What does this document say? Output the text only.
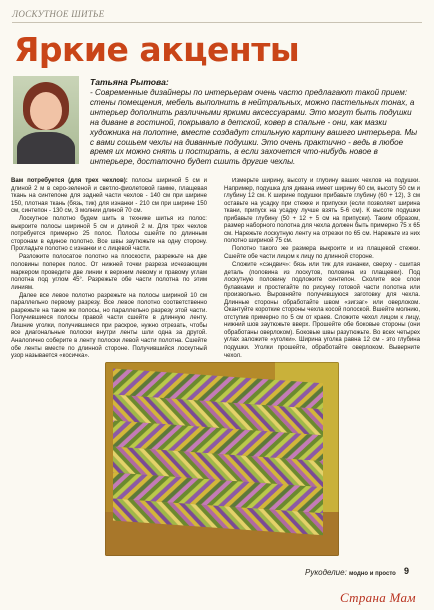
ЛОСКУТНОЕ ШИТЬЕ
Яркие акценты
Татьяна Рытова:
- Современные дизайнеры по интерьерам очень часто предлагают такой прием: стены помещения, мебель выполнить в нейтральных, можно пастельных тонах, а интерьер дополнить различными яркими аксессуарами. Это могут быть подушки на диване в гостиной, покрывало в детской, ковер в спальне - они, как мазки художника на полотне, вместе создадут стильную картину вашего интерьера. Мы с вами сошьем чехлы на диванные подушки. Это очень практично - ведь в любое время их можно снять и постирать, а если захочется что-нибудь новое в интерьере, достаточно будет сшить другие чехлы.

Вам потребуется (для трех чехлов): полосы шириной 5 см и длиной 2 м в серо-зеленой и светло-фиолетовой гамме, плащевая ткань на синтепоне для задней части чехлов - 140 см при ширине 150, плотная ткань (бязь, тик) для изнанки - 210 см при ширине 150 см, синтепон - 130 см, 3 молнии длиной 70 см.

Лоскутное полотно будем шить в технике шитья из полос: выкроите полосы шириной 5 см и длиной 2 м. Для трех чехлов потребуется примерно 25 полос. Полосы сшейте по длинным сторонам в единое полотно. Все швы заутюжьте на одну сторону. Прогладьте полотно с изнанки и с лицевой части.

Разложите полосатое полотно на плоскости, разрежьте на две половины поперек полос. От нижней точки разреза исчезающим маркером проведите две линии к верхним левому и правому углам полотна под углом 45°. Разрежьте обе части полотна по этим линиям.

Далее все левое полотно разрежьте на полосы шириной 10 см параллельно первому разрезу. Все левое полотно соответственно разрежьте на такие же полосы, но параллельно разрезу этой части. Получившиеся полосы правой части сшейте в длинную ленту. Лишние уголки, получившиеся при раскрое, нужно отрезать, чтобы все диагональные полоски внутри ленты шли одна за другой. Аналогично соберите в ленту полоски левой части полотна. Сшейте обе ленты вместе по длинной стороне. Получившийся лоскутный узор называется «косичка».

Измерьте ширину, высоту и глубину ваших чехлов на подушки. Например, подушка для дивана имеет ширину 60 см, высоту 50 см и глубину 12 см. К ширине подушки прибавьте глубину (60 + 12), 3 см оставьте на усадку при стежке и припуски (если позволяет ширина ткани, припуск на усадку лучше взять 5-6 см). К высоте подушки прибавьте глубину (50 + 12 + 5 см на припуски). Таким образом, размер наборного полотна для чехла должен быть примерно 75 х 65 см. Нарежьте лоскутную ленту на отрезки по 65 см. Нарежьте из них полотно шириной 75 см.

Полотно такого же размера выкроите и из плащевой стежки. Сшейте обе части лицом к лицу по длинной стороне.

Сложите «сэндвич»: бязь или тик для изнанки, сверху - сшитая деталь (половина из лоскутов, половина из плащевки). Под лоскутную половину подложите синтепон. Сколите все слои булавками и простегайте по рисунку готовой части полотна или произвольно. Выровняйте получившуюся заготовку для чехла. Длинные стороны обработайте швом «зигзаг» или оверлоком. Окантуйте короткие стороны чехла косой полоской. Вшейте молнию, отступив примерно по 5 см от краев. Сложите чехол лицом к лицу, нижний шов заутюжьте вверх. Прошейте обе боковые стороны (они обработаны оверлоком). Боковые швы разутюжьте. Во всех четырех углах заложите «уголки». Ширина уголка равна 12 см - это глубина подушки. Уголки прошейте, обработайте оверлоком. Выверните чехол.

Рукоделие: модно и просто 9
Страна Мам
